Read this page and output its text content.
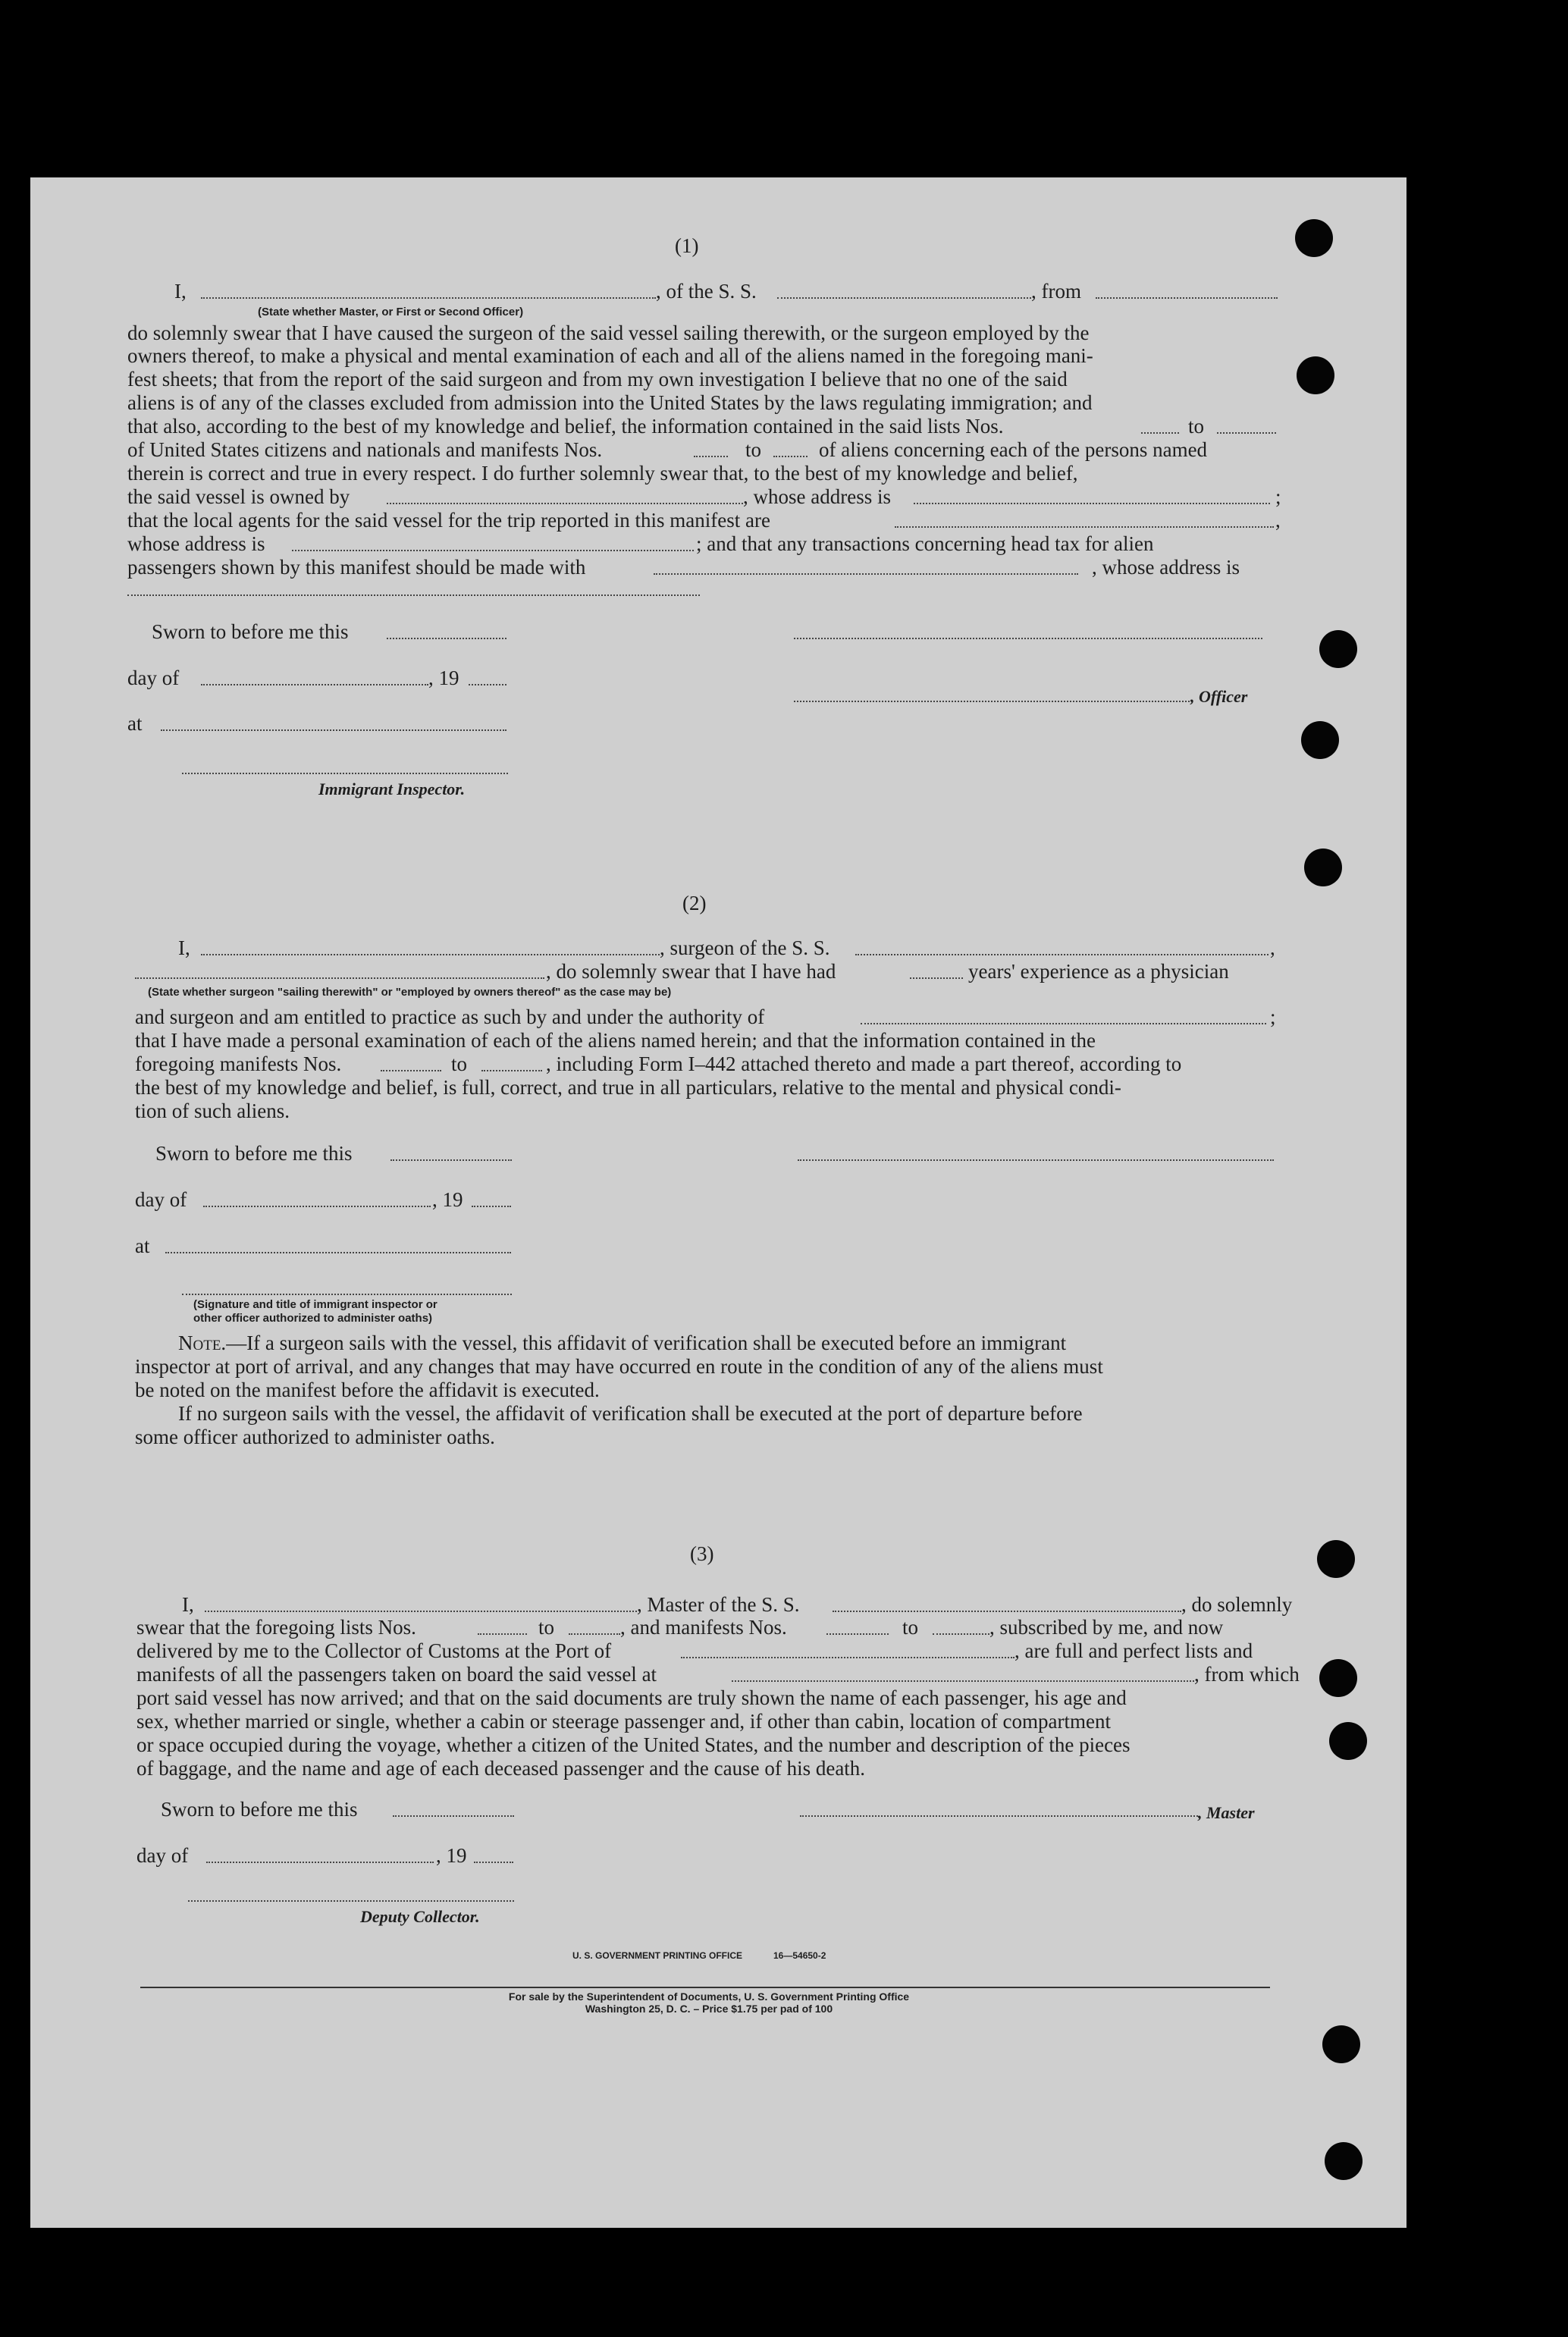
(1)
I,	, of the S. S.	, from
(State whether Master, or First or Second Officer)
do solemnly swear that I have caused the surgeon of the said vessel sailing therewith, or the surgeon employed by the
owners thereof, to make a physical and mental examination of each and all of the aliens named in the foregoing mani-
fest sheets; that from the report of the said surgeon and from my own investigation I believe that no one of the said
aliens is of any of the classes excluded from admission into the United States by the laws regulating immigration; and
that also, according to the best of my knowledge and belief, the information contained in the said lists Nos.	to
of United States citizens and nationals and manifests Nos.	to	of aliens concerning each of the persons named
therein is correct and true in every respect. I do further solemnly swear that, to the best of my knowledge and belief,
the said vessel is owned by	, whose address is	;
that the local agents for the said vessel for the trip reported in this manifest are	,
whose address is	; and that any transactions concerning head tax for alien
passengers shown by this manifest should be made with	, whose address is
Sworn to before me this
day of	, 19
, Officer
at
Immigrant Inspector.
(2)
I,	, surgeon of the S. S.	,
, do solemnly swear that I have had	years' experience as a physician
(State whether surgeon "sailing therewith" or "employed by owners thereof" as the case may be)
and surgeon and am entitled to practice as such by and under the authority of	;
that I have made a personal examination of each of the aliens named herein; and that the information contained in the
foregoing manifests Nos.	to	, including Form I–442 attached thereto and made a part thereof, according to
the best of my knowledge and belief, is full, correct, and true in all particulars, relative to the mental and physical condi-
tion of such aliens.
Sworn to before me this
day of	, 19
at
(Signature and title of immigrant inspector or
other officer authorized to administer oaths)
Note.—If a surgeon sails with the vessel, this affidavit of verification shall be executed before an immigrant
inspector at port of arrival, and any changes that may have occurred en route in the condition of any of the aliens must
be noted on the manifest before the affidavit is executed.
If no surgeon sails with the vessel, the affidavit of verification shall be executed at the port of departure before
some officer authorized to administer oaths.
(3)
I,	, Master of the S. S.	, do solemnly
swear that the foregoing lists Nos.	to	, and manifests Nos.	to	, subscribed by me, and now
delivered by me to the Collector of Customs at the Port of	, are full and perfect lists and
manifests of all the passengers taken on board the said vessel at	, from which
port said vessel has now arrived; and that on the said documents are truly shown the name of each passenger, his age and
sex, whether married or single, whether a cabin or steerage passenger and, if other than cabin, location of compartment
or space occupied during the voyage, whether a citizen of the United States, and the number and description of the pieces
of baggage, and the name and age of each deceased passenger and the cause of his death.
Sworn to before me this	, Master
day of	, 19
Deputy Collector.
U. S. GOVERNMENT PRINTING OFFICE	16—54650-2
For sale by the Superintendent of Documents, U. S. Government Printing Office
Washington 25, D. C. – Price $1.75 per pad of 100
